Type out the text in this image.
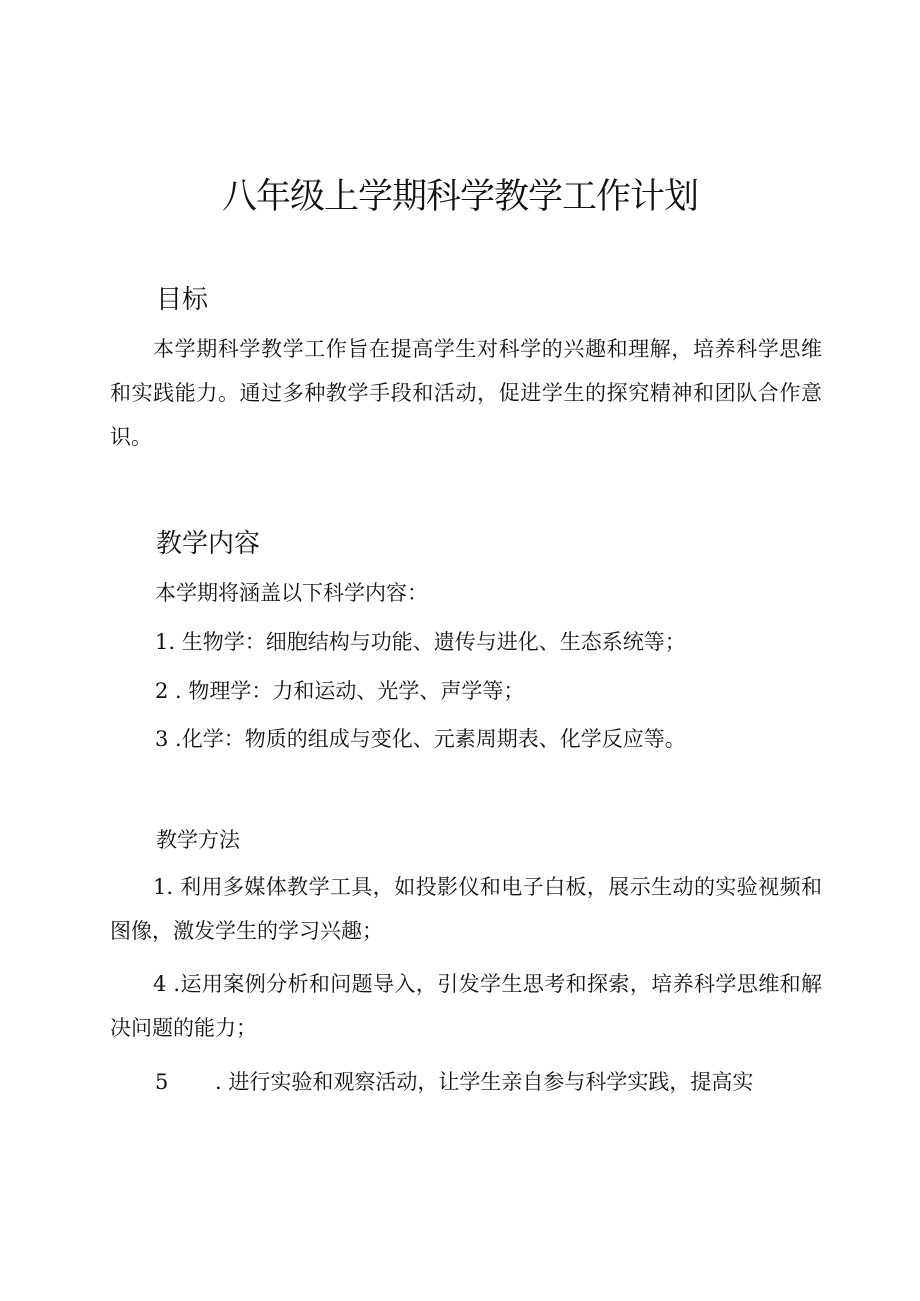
八年级上学期科学教学工作计划
目标

本学期科学教学工作旨在提高学生对科学的兴趣和理解，培养科学思维和实践能力。通过多种教学手段和活动，促进学生的探究精神和团队合作意识。

教学内容

本学期将涵盖以下科学内容：

1. 生物学：细胞结构与功能、遗传与进化、生态系统等；

2 . 物理学：力和运动、光学、声学等；

3 .化学：物质的组成与变化、元素周期表、化学反应等。

教学方法

1. 利用多媒体教学工具，如投影仪和电子白板，展示生动的实验视频和图像，激发学生的学习兴趣；

4 .运用案例分析和问题导入，引发学生思考和探索，培养科学思维和解决问题的能力；

5 . 进行实验和观察活动，让学生亲自参与科学实践，提高实
